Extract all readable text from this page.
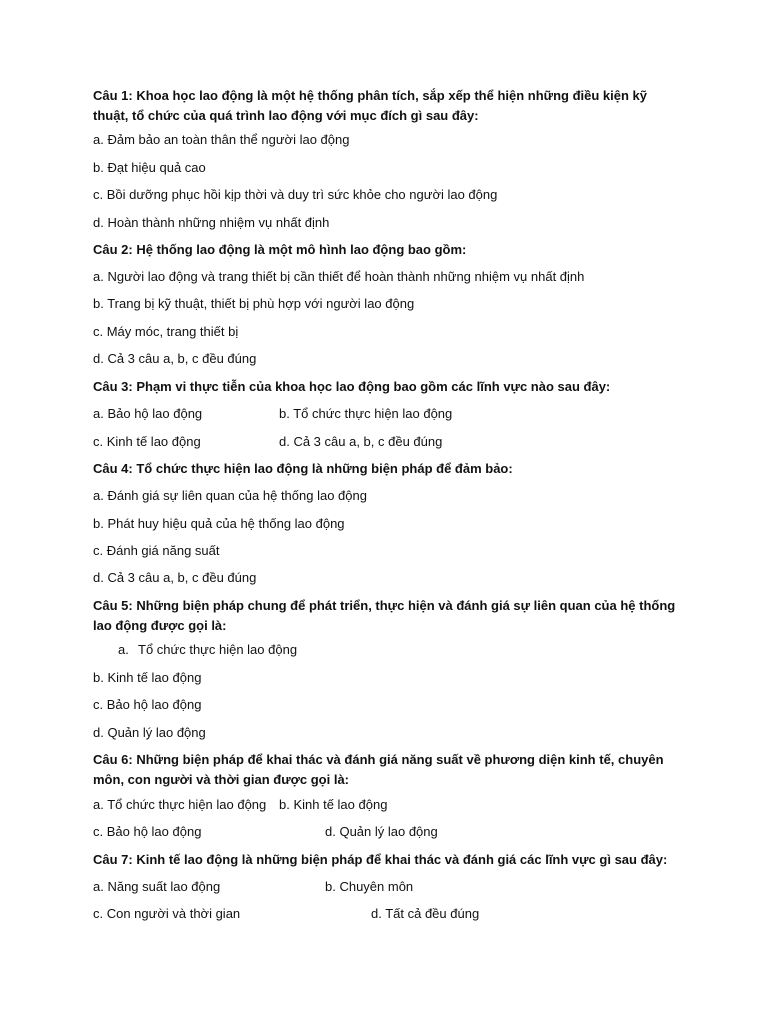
Câu 1: Khoa học lao động là một hệ thống phân tích, sắp xếp thể hiện những điều kiện kỹ thuật, tổ chức của quá trình lao động với mục đích gì sau đây:
a. Đảm bảo an toàn thân thể người lao động
b. Đạt hiệu quả cao
c. Bồi dưỡng phục hồi kịp thời và duy trì sức khỏe cho người lao động
d. Hoàn thành những nhiệm vụ nhất định
Câu 2: Hệ thống lao động là một mô hình lao động bao gồm:
a. Người lao động và trang thiết bị cần thiết để hoàn thành những nhiệm vụ nhất định
b. Trang bị kỹ thuật, thiết bị phù hợp với người lao động
c. Máy móc, trang thiết bị
d. Cả 3 câu a, b, c đều đúng
Câu 3: Phạm vi thực tiễn của khoa học lao động bao gồm các lĩnh vực nào sau đây:
a. Bảo hộ lao động	b. Tổ chức thực hiện lao động
c. Kinh tế lao động	d. Cả 3 câu a, b, c đều đúng
Câu 4: Tổ chức thực hiện lao động là những biện pháp để đảm bảo:
a. Đánh giá sự liên quan của hệ thống lao động
b. Phát huy hiệu quả của hệ thống lao động
c. Đánh giá năng suất
d. Cả 3 câu a, b, c đều đúng
Câu 5: Những biện pháp chung để phát triển, thực hiện và đánh giá sự liên quan của hệ thống lao động được gọi là:
a. Tổ chức thực hiện lao động
b. Kinh tế lao động
c. Bảo hộ lao động
d. Quản lý lao động
Câu 6: Những biện pháp để khai thác và đánh giá năng suất về phương diện kinh tế, chuyên môn, con người và thời gian được gọi là:
a. Tổ chức thực hiện lao động b. Kinh tế lao động
c. Bảo hộ lao động	d. Quản lý lao động
Câu 7: Kinh tế lao động là những biện pháp để khai thác và đánh giá các lĩnh vực gì sau đây:
a. Năng suất lao động	b. Chuyên môn
c. Con người và thời gian	d. Tất cả đều đúng
